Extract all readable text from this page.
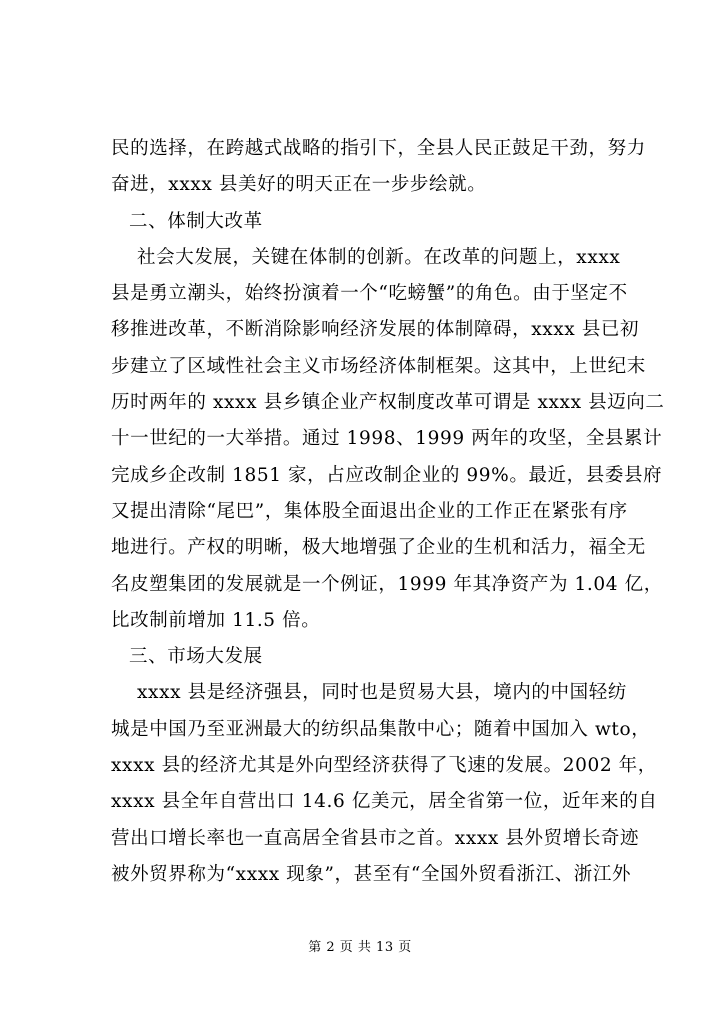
民的选择，在跨越式战略的指引下，全县人民正鼓足干劲，努力
奋进，xxxx 县美好的明天正在一步步绘就。
二、体制大改革
社会大发展，关键在体制的创新。在改革的问题上，xxxx
县是勇立潮头，始终扮演着一个“吃螃蟹”的角色。由于坚定不
移推进改革，不断消除影响经济发展的体制障碍，xxxx 县已初
步建立了区域性社会主义市场经济体制框架。这其中，上世纪末
历时两年的 xxxx 县乡镇企业产权制度改革可谓是 xxxx 县迈向二
十一世纪的一大举措。通过 1998、1999 两年的攻坚，全县累计
完成乡企改制 1851 家，占应改制企业的 99%。最近，县委县府
又提出清除“尾巴”，集体股全面退出企业的工作正在紧张有序
地进行。产权的明晰，极大地增强了企业的生机和活力，福全无
名皮塑集团的发展就是一个例证，1999 年其净资产为 1.04 亿，
比改制前增加 11.5 倍。
三、市场大发展
xxxx 县是经济强县，同时也是贸易大县，境内的中国轻纺
城是中国乃至亚洲最大的纺织品集散中心；随着中国加入 wto，
xxxx 县的经济尤其是外向型经济获得了飞速的发展。2002 年，
xxxx 县全年自营出口 14.6 亿美元，居全省第一位，近年来的自
营出口增长率也一直高居全省县市之首。xxxx 县外贸增长奇迹
被外贸界称为“xxxx 现象”，甚至有“全国外贸看浙江、浙江外
第 2 页 共 13 页
